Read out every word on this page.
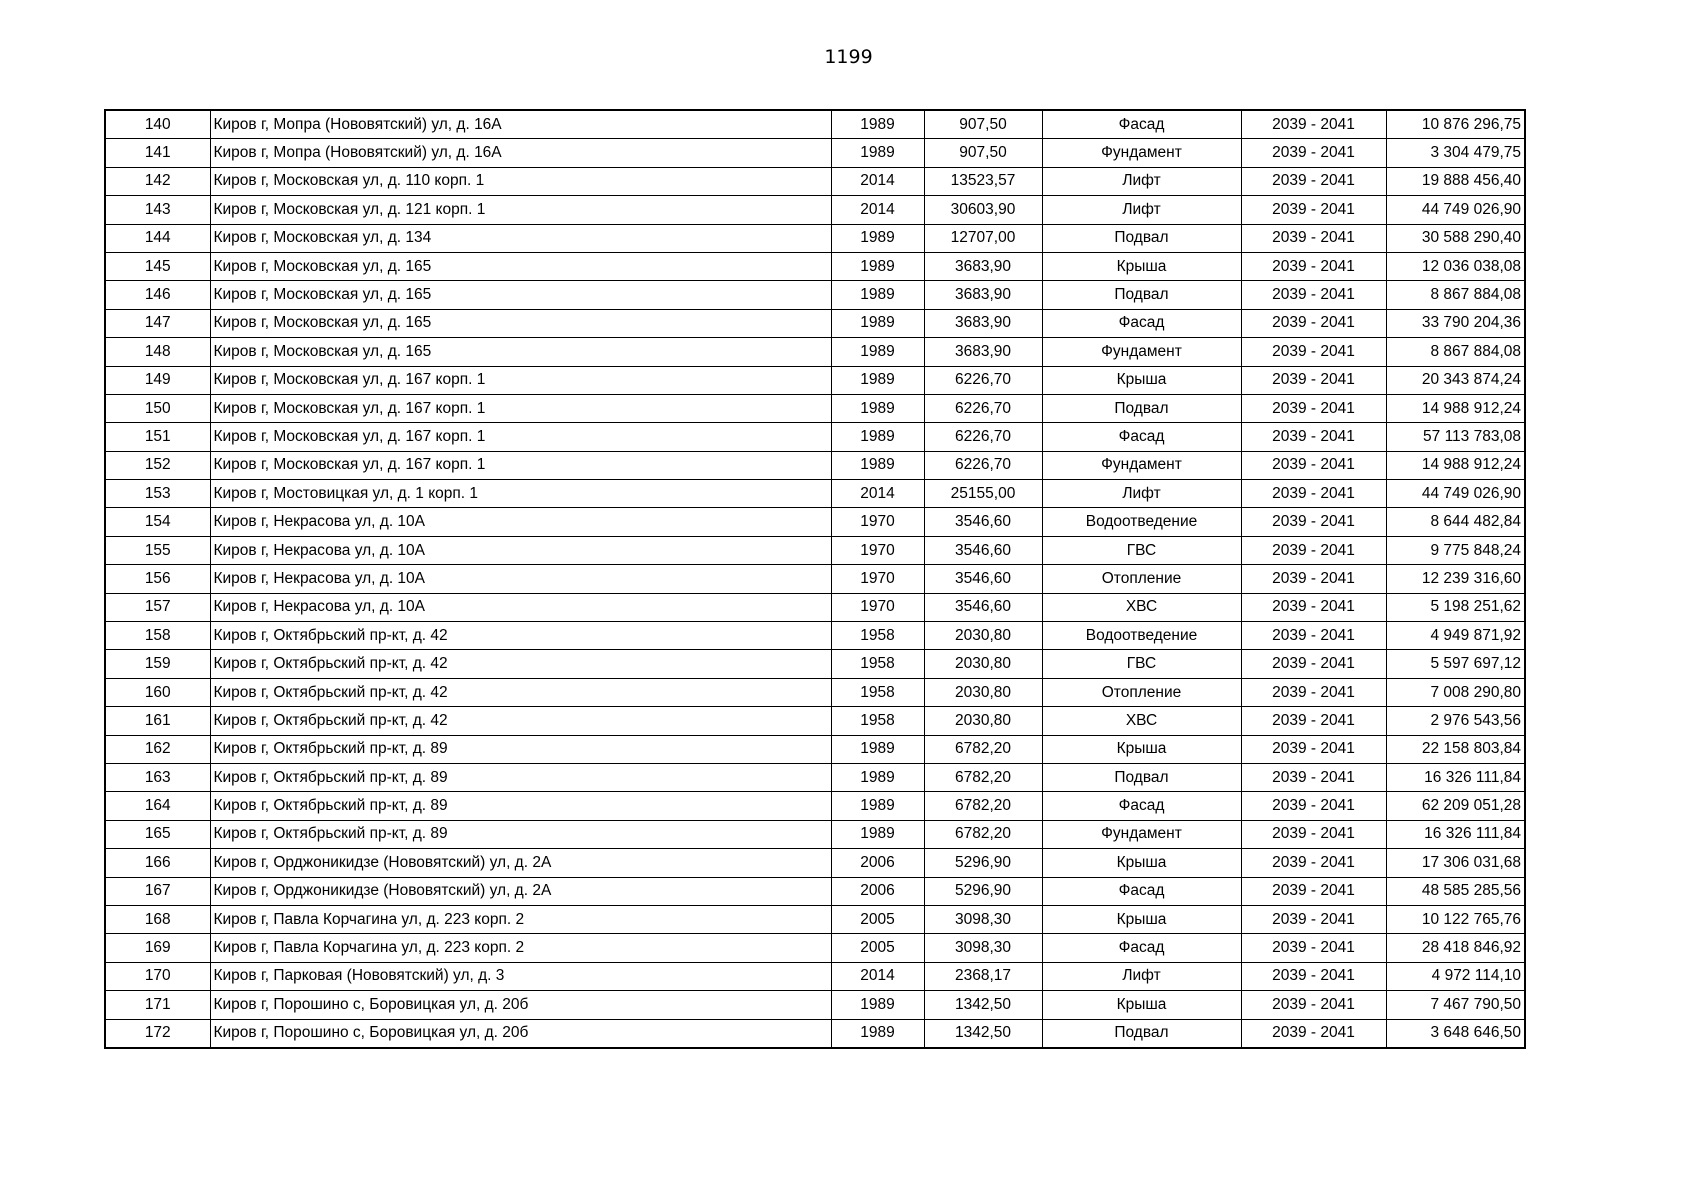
1199
140	Киров г, Мопра (Нововятский) ул, д. 16А	1989	907,50	Фасад	2039 - 2041	10 876 296,75
141	Киров г, Мопра (Нововятский) ул, д. 16А	1989	907,50	Фундамент	2039 - 2041	3 304 479,75
142	Киров г, Московская ул, д. 110 корп. 1	2014	13523,57	Лифт	2039 - 2041	19 888 456,40
143	Киров г, Московская ул, д. 121 корп. 1	2014	30603,90	Лифт	2039 - 2041	44 749 026,90
144	Киров г, Московская ул, д. 134	1989	12707,00	Подвал	2039 - 2041	30 588 290,40
145	Киров г, Московская ул, д. 165	1989	3683,90	Крыша	2039 - 2041	12 036 038,08
146	Киров г, Московская ул, д. 165	1989	3683,90	Подвал	2039 - 2041	8 867 884,08
147	Киров г, Московская ул, д. 165	1989	3683,90	Фасад	2039 - 2041	33 790 204,36
148	Киров г, Московская ул, д. 165	1989	3683,90	Фундамент	2039 - 2041	8 867 884,08
149	Киров г, Московская ул, д. 167 корп. 1	1989	6226,70	Крыша	2039 - 2041	20 343 874,24
150	Киров г, Московская ул, д. 167 корп. 1	1989	6226,70	Подвал	2039 - 2041	14 988 912,24
151	Киров г, Московская ул, д. 167 корп. 1	1989	6226,70	Фасад	2039 - 2041	57 113 783,08
152	Киров г, Московская ул, д. 167 корп. 1	1989	6226,70	Фундамент	2039 - 2041	14 988 912,24
153	Киров г, Мостовицкая ул, д. 1 корп. 1	2014	25155,00	Лифт	2039 - 2041	44 749 026,90
154	Киров г, Некрасова ул, д. 10А	1970	3546,60	Водоотведение	2039 - 2041	8 644 482,84
155	Киров г, Некрасова ул, д. 10А	1970	3546,60	ГВС	2039 - 2041	9 775 848,24
156	Киров г, Некрасова ул, д. 10А	1970	3546,60	Отопление	2039 - 2041	12 239 316,60
157	Киров г, Некрасова ул, д. 10А	1970	3546,60	ХВС	2039 - 2041	5 198 251,62
158	Киров г, Октябрьский пр-кт, д. 42	1958	2030,80	Водоотведение	2039 - 2041	4 949 871,92
159	Киров г, Октябрьский пр-кт, д. 42	1958	2030,80	ГВС	2039 - 2041	5 597 697,12
160	Киров г, Октябрьский пр-кт, д. 42	1958	2030,80	Отопление	2039 - 2041	7 008 290,80
161	Киров г, Октябрьский пр-кт, д. 42	1958	2030,80	ХВС	2039 - 2041	2 976 543,56
162	Киров г, Октябрьский пр-кт, д. 89	1989	6782,20	Крыша	2039 - 2041	22 158 803,84
163	Киров г, Октябрьский пр-кт, д. 89	1989	6782,20	Подвал	2039 - 2041	16 326 111,84
164	Киров г, Октябрьский пр-кт, д. 89	1989	6782,20	Фасад	2039 - 2041	62 209 051,28
165	Киров г, Октябрьский пр-кт, д. 89	1989	6782,20	Фундамент	2039 - 2041	16 326 111,84
166	Киров г, Орджоникидзе (Нововятский) ул, д. 2А	2006	5296,90	Крыша	2039 - 2041	17 306 031,68
167	Киров г, Орджоникидзе (Нововятский) ул, д. 2А	2006	5296,90	Фасад	2039 - 2041	48 585 285,56
168	Киров г, Павла Корчагина ул, д. 223 корп. 2	2005	3098,30	Крыша	2039 - 2041	10 122 765,76
169	Киров г, Павла Корчагина ул, д. 223 корп. 2	2005	3098,30	Фасад	2039 - 2041	28 418 846,92
170	Киров г, Парковая (Нововятский) ул, д. 3	2014	2368,17	Лифт	2039 - 2041	4 972 114,10
171	Киров г, Порошино с, Боровицкая ул, д. 20б	1989	1342,50	Крыша	2039 - 2041	7 467 790,50
172	Киров г, Порошино с, Боровицкая ул, д. 20б	1989	1342,50	Подвал	2039 - 2041	3 648 646,50
